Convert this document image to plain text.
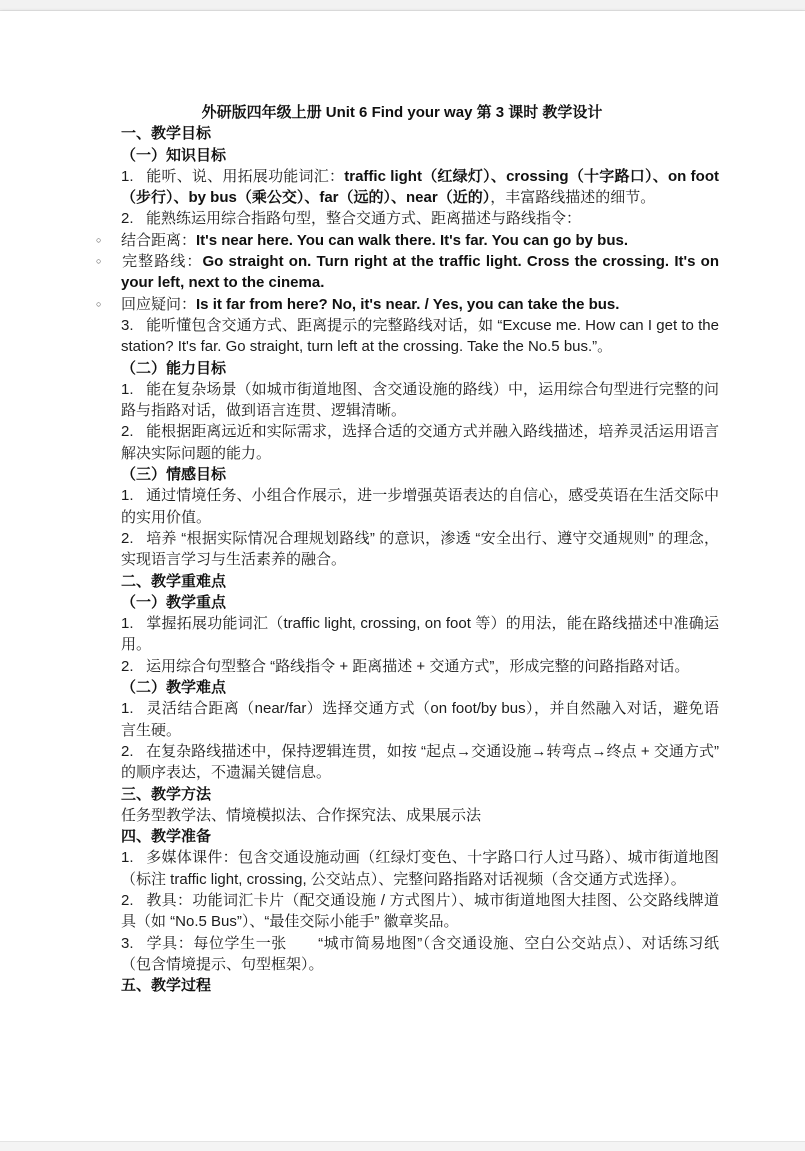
外研版四年级上册 Unit 6 Find your way 第 3 课时 教学设计

一、教学目标

（一）知识目标

1. 能听、说、用拓展功能词汇：traffic light（红绿灯）、crossing（十字路口）、on foot（步行）、by bus（乘公交）、far（远的）、near（近的），丰富路线描述的细节。

2. 能熟练运用综合指路句型，整合交通方式、距离描述与路线指令：

○ 结合距离：It's near here. You can walk there. It's far. You can go by bus.

○ 完整路线：Go straight on. Turn right at the traffic light. Cross the crossing. It's on your left, next to the cinema.

○ 回应疑问：Is it far from here? No, it's near. / Yes, you can take the bus.

3. 能听懂包含交通方式、距离提示的完整路线对话，如 “Excuse me. How can I get to the station? It's far. Go straight, turn left at the crossing. Take the No.5 bus.”。

（二）能力目标

1. 能在复杂场景（如城市街道地图、含交通设施的路线）中，运用综合句型进行完整的问路与指路对话，做到语言连贯、逻辑清晰。

2. 能根据距离远近和实际需求，选择合适的交通方式并融入路线描述，培养灵活运用语言解决实际问题的能力。

（三）情感目标

1. 通过情境任务、小组合作展示，进一步增强英语表达的自信心，感受英语在生活交际中的实用价值。

2. 培养 “根据实际情况合理规划路线” 的意识，渗透 “安全出行、遵守交通规则” 的理念，实现语言学习与生活素养的融合。

二、教学重难点

（一）教学重点

1. 掌握拓展功能词汇（traffic light, crossing, on foot 等）的用法，能在路线描述中准确运用。

2. 运用综合句型整合 “路线指令 + 距离描述 + 交通方式”，形成完整的问路指路对话。

（二）教学难点

1. 灵活结合距离（near/far）选择交通方式（on foot/by bus），并自然融入对话，避免语言生硬。

2. 在复杂路线描述中，保持逻辑连贯，如按 “起点→交通设施→转弯点→终点 + 交通方式” 的顺序表达，不遗漏关键信息。

三、教学方法

任务型教学法、情境模拟法、合作探究法、成果展示法

四、教学准备

1. 多媒体课件：包含交通设施动画（红绿灯变色、十字路口行人过马路）、城市街道地图（标注 traffic light, crossing, 公交站点）、完整问路指路对话视频（含交通方式选择）。

2. 教具：功能词汇卡片（配交通设施 / 方式图片）、城市街道地图大挂图、公交路线牌道具（如 “No.5 Bus”）、“最佳交际小能手” 徽章奖品。

3. 学具：每位学生一张　　“城市简易地图”（含交通设施、空白公交站点）、对话练习纸（包含情境提示、句型框架）。

五、教学过程
